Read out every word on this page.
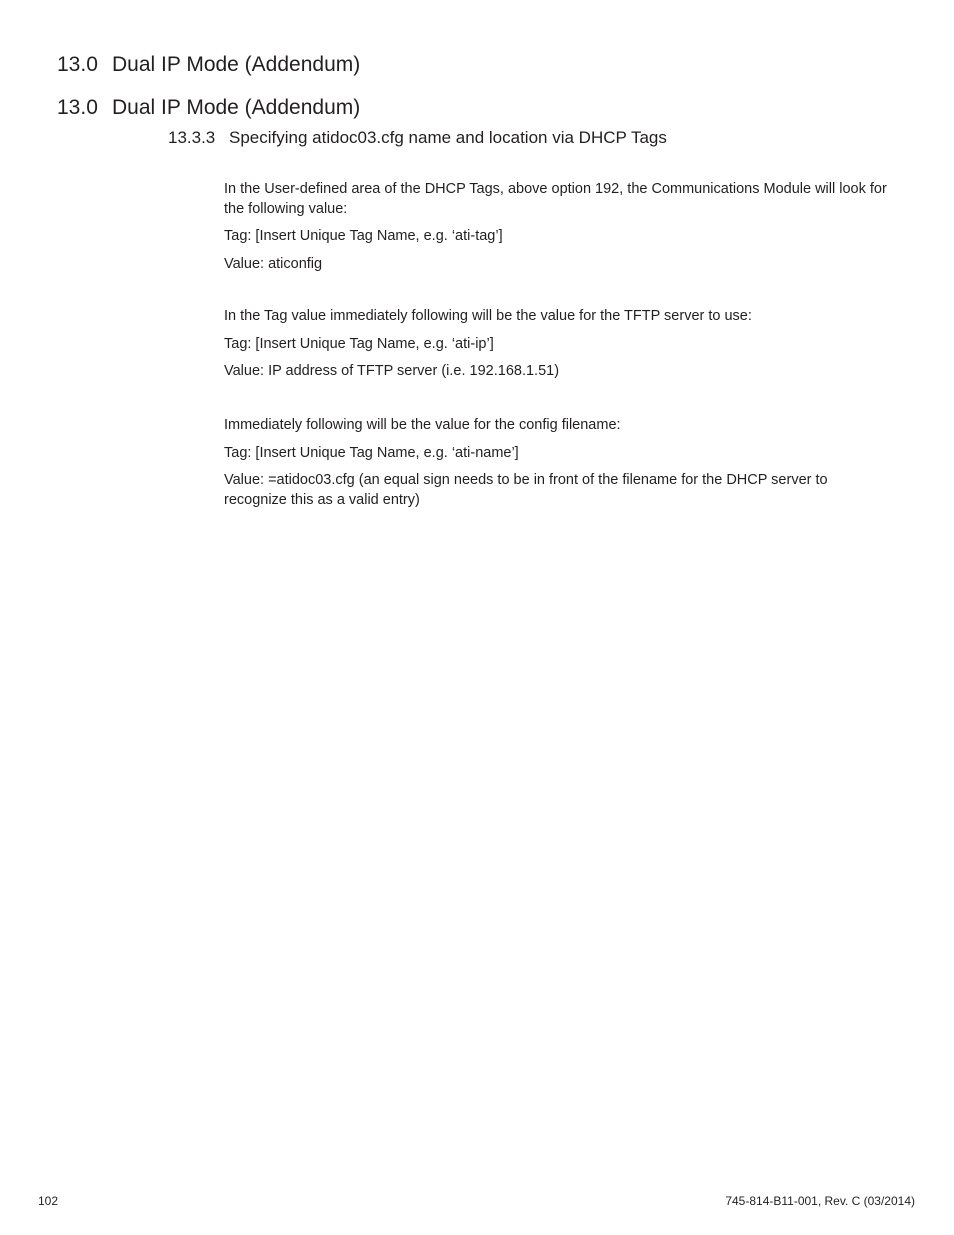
13.0 Dual IP Mode (Addendum)
13.0 Dual IP Mode (Addendum)
13.3.3 Specifying atidoc03.cfg name and location via DHCP Tags

In the User-defined area of the DHCP Tags, above option 192, the Communications Module will look for the following value:

Tag: [Insert Unique Tag Name, e.g. ‘ati-tag’]

Value: aticonfig

In the Tag value immediately following will be the value for the TFTP server to use:

Tag: [Insert Unique Tag Name, e.g. ‘ati-ip’]

Value: IP address of TFTP server (i.e. 192.168.1.51)

Immediately following will be the value for the config filename:

Tag: [Insert Unique Tag Name, e.g. ‘ati-name’]

Value: =atidoc03.cfg (an equal sign needs to be in front of the filename for the DHCP server to recognize this as a valid entry)

102	745-814-B11-001, Rev. C (03/2014)
